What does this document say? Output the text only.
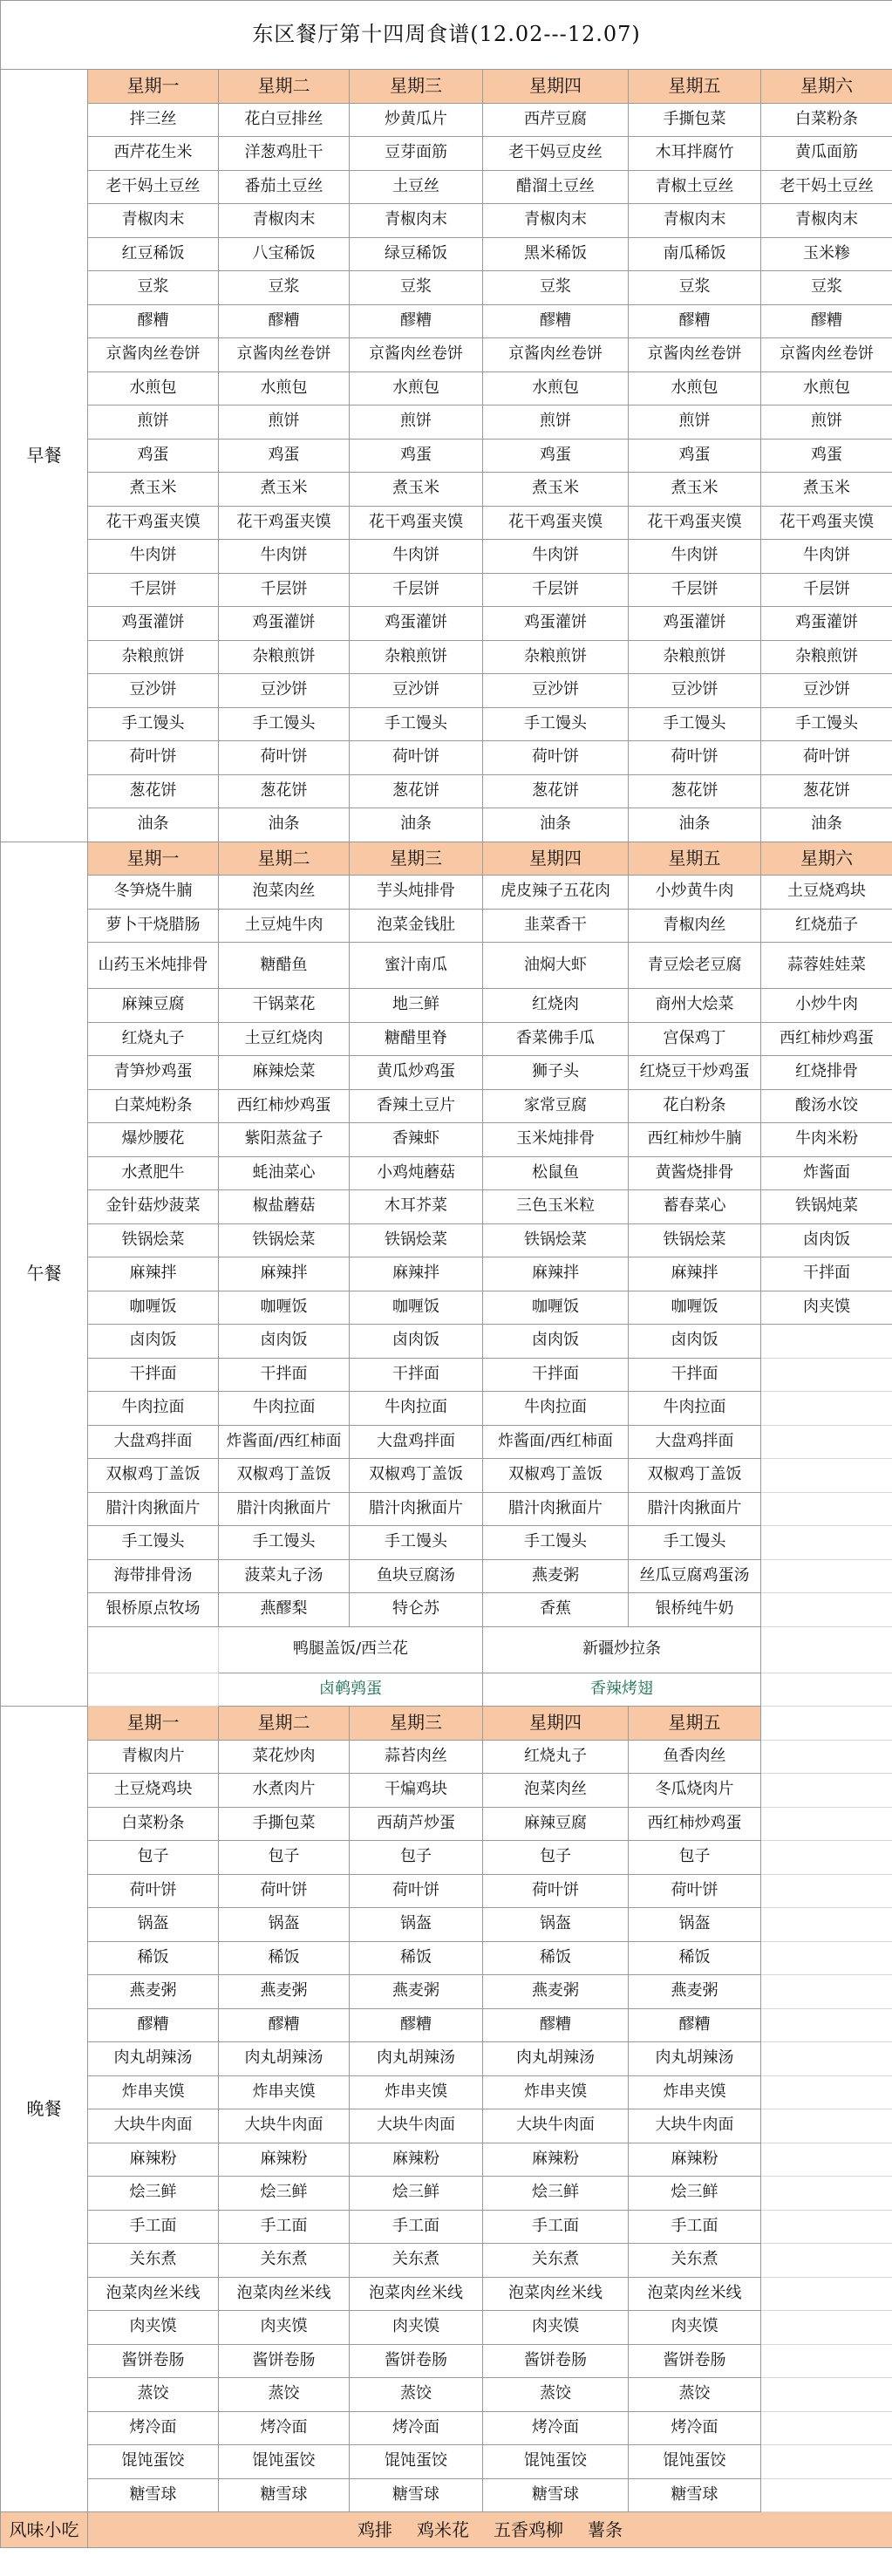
东区餐厅第十四周食谱(12.02---12.07)						
早餐	星期一	星期二	星期三	星期四	星期五	星期六
	拌三丝	花白豆排丝	炒黄瓜片	西芹豆腐	手撕包菜	白菜粉条
	西芹花生米	洋葱鸡肚干	豆芽面筋	老干妈豆皮丝	木耳拌腐竹	黄瓜面筋
	老干妈土豆丝	番茄土豆丝	土豆丝	醋溜土豆丝	青椒土豆丝	老干妈土豆丝
	青椒肉末	青椒肉末	青椒肉末	青椒肉末	青椒肉末	青椒肉末
	红豆稀饭	八宝稀饭	绿豆稀饭	黑米稀饭	南瓜稀饭	玉米糁
	豆浆	豆浆	豆浆	豆浆	豆浆	豆浆
	醪糟	醪糟	醪糟	醪糟	醪糟	醪糟
	京酱肉丝卷饼	京酱肉丝卷饼	京酱肉丝卷饼	京酱肉丝卷饼	京酱肉丝卷饼	京酱肉丝卷饼
	水煎包	水煎包	水煎包	水煎包	水煎包	水煎包
	煎饼	煎饼	煎饼	煎饼	煎饼	煎饼
	鸡蛋	鸡蛋	鸡蛋	鸡蛋	鸡蛋	鸡蛋
	煮玉米	煮玉米	煮玉米	煮玉米	煮玉米	煮玉米
	花干鸡蛋夹馍	花干鸡蛋夹馍	花干鸡蛋夹馍	花干鸡蛋夹馍	花干鸡蛋夹馍	花干鸡蛋夹馍
	牛肉饼	牛肉饼	牛肉饼	牛肉饼	牛肉饼	牛肉饼
	千层饼	千层饼	千层饼	千层饼	千层饼	千层饼
	鸡蛋灌饼	鸡蛋灌饼	鸡蛋灌饼	鸡蛋灌饼	鸡蛋灌饼	鸡蛋灌饼
	杂粮煎饼	杂粮煎饼	杂粮煎饼	杂粮煎饼	杂粮煎饼	杂粮煎饼
	豆沙饼	豆沙饼	豆沙饼	豆沙饼	豆沙饼	豆沙饼
	手工馒头	手工馒头	手工馒头	手工馒头	手工馒头	手工馒头
	荷叶饼	荷叶饼	荷叶饼	荷叶饼	荷叶饼	荷叶饼
	葱花饼	葱花饼	葱花饼	葱花饼	葱花饼	葱花饼
	油条	油条	油条	油条	油条	油条
午餐	星期一	星期二	星期三	星期四	星期五	星期六
	冬笋烧牛腩	泡菜肉丝	芋头炖排骨	虎皮辣子五花肉	小炒黄牛肉	土豆烧鸡块
	萝卜干烧腊肠	土豆炖牛肉	泡菜金钱肚	韭菜香干	青椒肉丝	红烧茄子
	山药玉米炖排骨	糖醋鱼	蜜汁南瓜	油焖大虾	青豆烩老豆腐	蒜蓉娃娃菜
	麻辣豆腐	干锅菜花	地三鲜	红烧肉	商州大烩菜	小炒牛肉
	红烧丸子	土豆红烧肉	糖醋里脊	香菜佛手瓜	宫保鸡丁	西红柿炒鸡蛋
	青笋炒鸡蛋	麻辣烩菜	黄瓜炒鸡蛋	狮子头	红烧豆干炒鸡蛋	红烧排骨
	白菜炖粉条	西红柿炒鸡蛋	香辣土豆片	家常豆腐	花白粉条	酸汤水饺
	爆炒腰花	紫阳蒸盆子	香辣虾	玉米炖排骨	西红柿炒牛腩	牛肉米粉
	水煮肥牛	蚝油菜心	小鸡炖蘑菇	松鼠鱼	黄酱烧排骨	炸酱面
	金针菇炒菠菜	椒盐蘑菇	木耳芥菜	三色玉米粒	蓄春菜心	铁锅炖菜
	铁锅烩菜	铁锅烩菜	铁锅烩菜	铁锅烩菜	铁锅烩菜	卤肉饭
	麻辣拌	麻辣拌	麻辣拌	麻辣拌	麻辣拌	干拌面
	咖喱饭	咖喱饭	咖喱饭	咖喱饭	咖喱饭	肉夹馍
	卤肉饭	卤肉饭	卤肉饭	卤肉饭	卤肉饭	
	干拌面	干拌面	干拌面	干拌面	干拌面	
	牛肉拉面	牛肉拉面	牛肉拉面	牛肉拉面	牛肉拉面	
	大盘鸡拌面	炸酱面/西红柿面	大盘鸡拌面	炸酱面/西红柿面	大盘鸡拌面	
	双椒鸡丁盖饭	双椒鸡丁盖饭	双椒鸡丁盖饭	双椒鸡丁盖饭	双椒鸡丁盖饭	
	腊汁肉揪面片	腊汁肉揪面片	腊汁肉揪面片	腊汁肉揪面片	腊汁肉揪面片	
	手工馒头	手工馒头	手工馒头	手工馒头	手工馒头	
	海带排骨汤	菠菜丸子汤	鱼块豆腐汤	燕麦粥	丝瓜豆腐鸡蛋汤	
	银桥原点牧场	燕醪梨	特仑苏	香蕉	银桥纯牛奶	
		鸭腿盖饭/西兰花		新疆炒拉条		
		卤鹌鹑蛋		香辣烤翅		
晚餐	星期一	星期二	星期三	星期四	星期五	
	青椒肉片	菜花炒肉	蒜苔肉丝	红烧丸子	鱼香肉丝	
	土豆烧鸡块	水煮肉片	干煸鸡块	泡菜肉丝	冬瓜烧肉片	
	白菜粉条	手撕包菜	西葫芦炒蛋	麻辣豆腐	西红柿炒鸡蛋	
	包子	包子	包子	包子	包子	
	荷叶饼	荷叶饼	荷叶饼	荷叶饼	荷叶饼	
	锅盔	锅盔	锅盔	锅盔	锅盔	
	稀饭	稀饭	稀饭	稀饭	稀饭	
	燕麦粥	燕麦粥	燕麦粥	燕麦粥	燕麦粥	
	醪糟	醪糟	醪糟	醪糟	醪糟	
	肉丸胡辣汤	肉丸胡辣汤	肉丸胡辣汤	肉丸胡辣汤	肉丸胡辣汤	
	炸串夹馍	炸串夹馍	炸串夹馍	炸串夹馍	炸串夹馍	
	大块牛肉面	大块牛肉面	大块牛肉面	大块牛肉面	大块牛肉面	
	麻辣粉	麻辣粉	麻辣粉	麻辣粉	麻辣粉	
	烩三鲜	烩三鲜	烩三鲜	烩三鲜	烩三鲜	
	手工面	手工面	手工面	手工面	手工面	
	关东煮	关东煮	关东煮	关东煮	关东煮	
	泡菜肉丝米线	泡菜肉丝米线	泡菜肉丝米线	泡菜肉丝米线	泡菜肉丝米线	
	肉夹馍	肉夹馍	肉夹馍	肉夹馍	肉夹馍	
	酱饼卷肠	酱饼卷肠	酱饼卷肠	酱饼卷肠	酱饼卷肠	
	蒸饺	蒸饺	蒸饺	蒸饺	蒸饺	
	烤冷面	烤冷面	烤冷面	烤冷面	烤冷面	
	馄饨蛋饺	馄饨蛋饺	馄饨蛋饺	馄饨蛋饺	馄饨蛋饺	
	糖雪球	糖雪球	糖雪球	糖雪球	糖雪球	
风味小吃	鸡排 鸡米花 五香鸡柳 薯条					
